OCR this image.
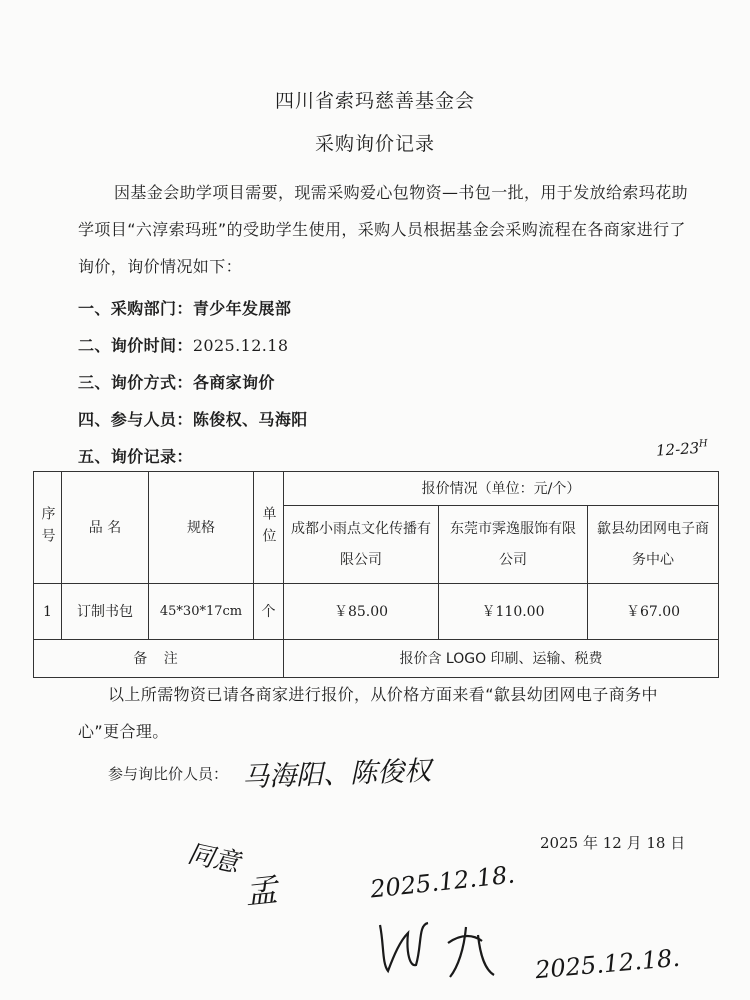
四川省索玛慈善基金会
采购询价记录
因基金会助学项目需要，现需采购爱心包物资—书包一批，用于发放给索玛花助学项目“六淳索玛班”的受助学生使用，采购人员根据基金会采购流程在各商家进行了询价，询价情况如下：
一、采购部门：青少年发展部
二、询价时间：2025.12.18
三、询价方式：各商家询价
四、参与人员：陈俊权、马海阳
五、询价记录：	$12-23^H$
序号	品 名	规格	单位	报价情况（单位：元/个）		
				成都小雨点文化传播有限公司	东莞市霁逸服饰有限公司	歙县幼团网电子商务中心
1	订制书包	45*30*17cm	个	￥85.00	￥110.00	￥67.00
备 注				报价含 LOGO 印刷、运输、税费		
以上所需物资已请各商家进行报价，从价格方面来看“歙县幼团网电子商务中心”更合理。
参与询比价人员： 马海阳、陈俊权
2025 年 12 月 18 日
同意
孟	2025.12.18.
2025.12.18.
